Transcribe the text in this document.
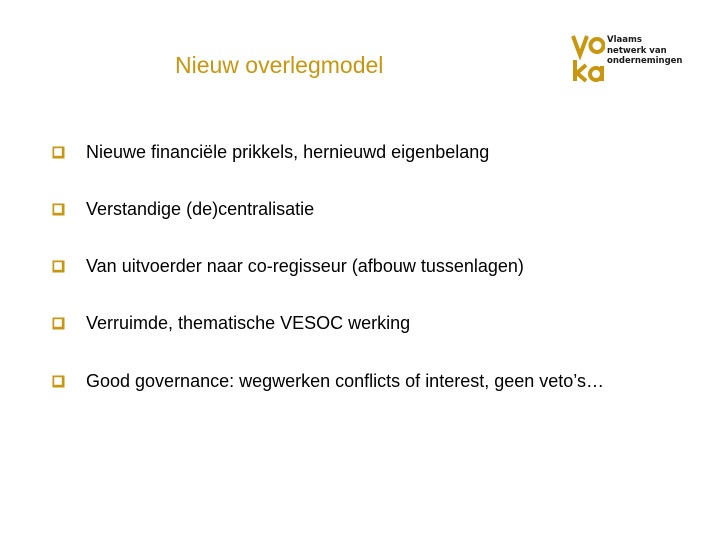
Nieuw overlegmodel
Vlaams
netwerk van
ondernemingen
Nieuwe financiële prikkels, hernieuwd eigenbelang
Verstandige (de)centralisatie
Van uitvoerder naar co-regisseur (afbouw tussenlagen)
Verruimde, thematische VESOC werking
Good governance: wegwerken conflicts of interest, geen veto’s…
